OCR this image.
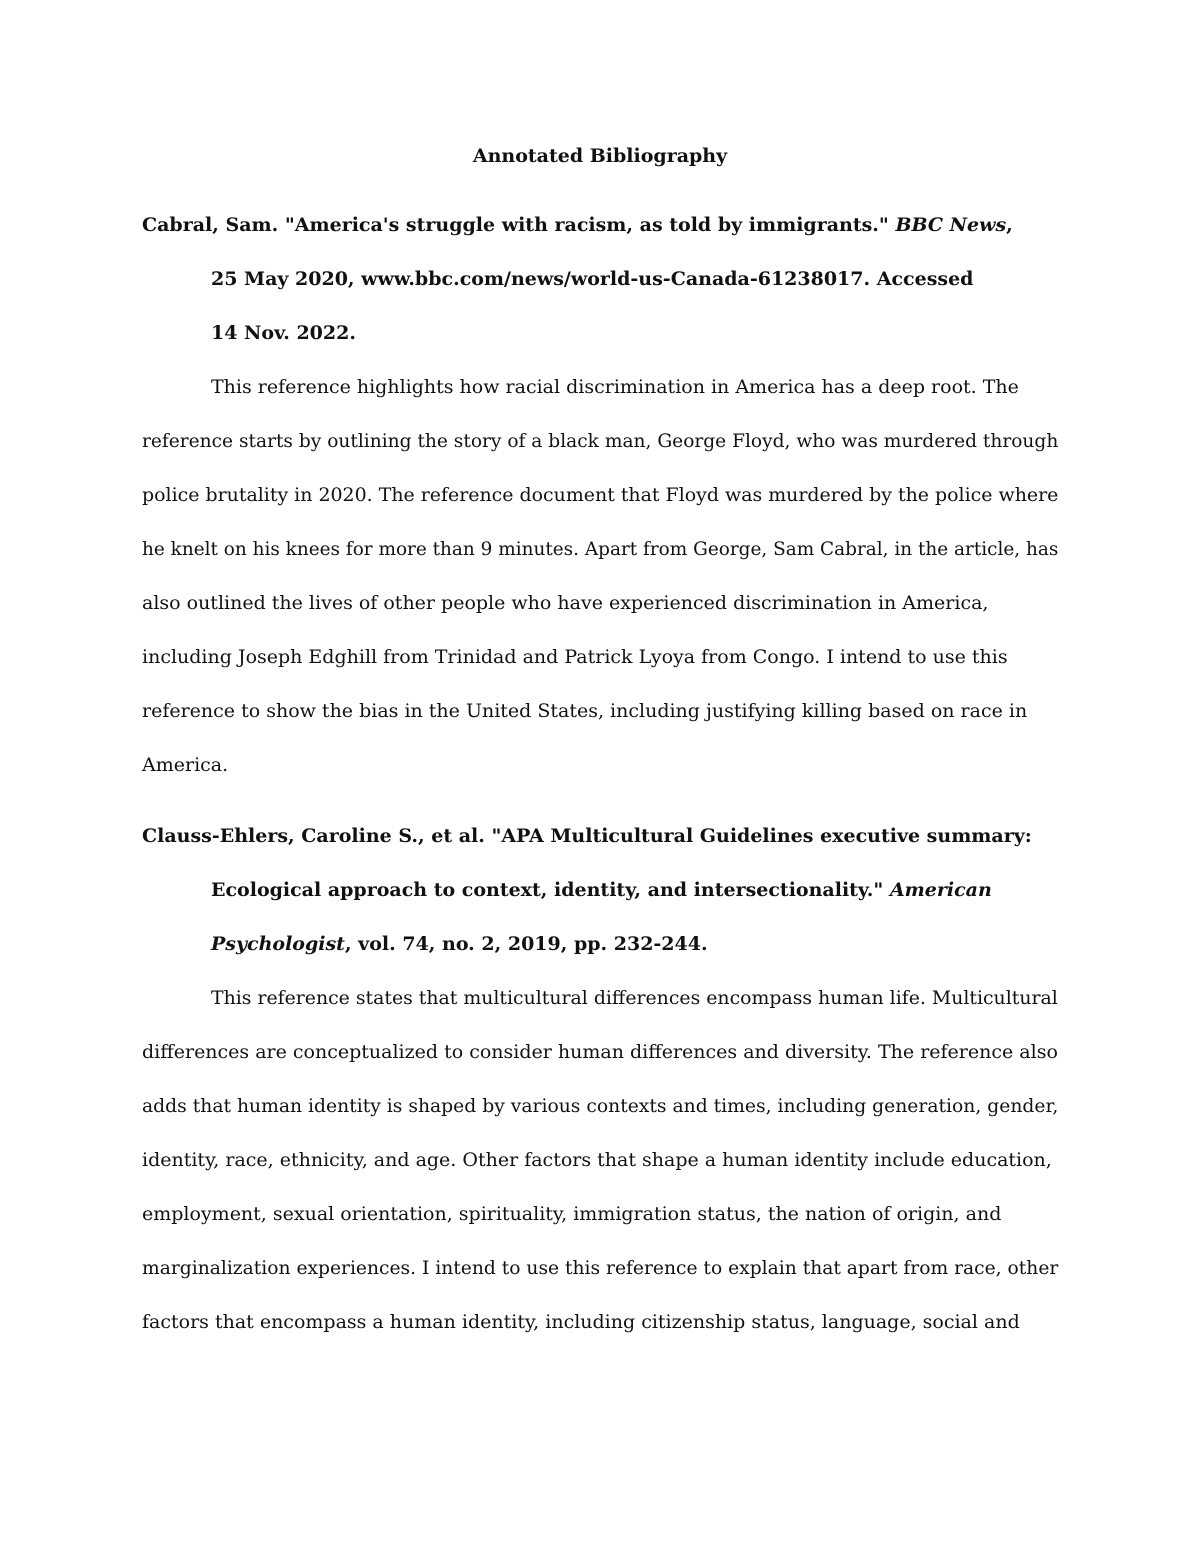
Annotated Bibliography
Cabral, Sam. "America's struggle with racism, as told by immigrants." BBC News,
25 May 2020, www.bbc.com/news/world-us-Canada-61238017. Accessed
14 Nov. 2022.
This reference highlights how racial discrimination in America has a deep root. The
reference starts by outlining the story of a black man, George Floyd, who was murdered through
police brutality in 2020. The reference document that Floyd was murdered by the police where
he knelt on his knees for more than 9 minutes. Apart from George, Sam Cabral, in the article, has
also outlined the lives of other people who have experienced discrimination in America,
including Joseph Edghill from Trinidad and Patrick Lyoya from Congo. I intend to use this
reference to show the bias in the United States, including justifying killing based on race in
America.
Clauss-Ehlers, Caroline S., et al. "APA Multicultural Guidelines executive summary:
Ecological approach to context, identity, and intersectionality." American
Psychologist, vol. 74, no. 2, 2019, pp. 232-244.
This reference states that multicultural differences encompass human life. Multicultural
differences are conceptualized to consider human differences and diversity. The reference also
adds that human identity is shaped by various contexts and times, including generation, gender,
identity, race, ethnicity, and age. Other factors that shape a human identity include education,
employment, sexual orientation, spirituality, immigration status, the nation of origin, and
marginalization experiences. I intend to use this reference to explain that apart from race, other
factors that encompass a human identity, including citizenship status, language, social and
